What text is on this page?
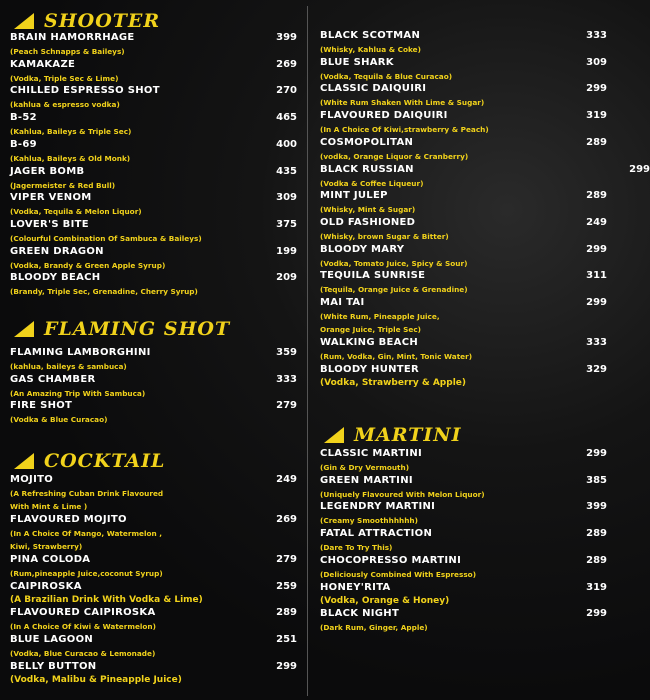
SHOOTER
BRAIN HAMORRHAGE	399
(Peach Schnapps & Baileys)
KAMAKAZE	269
(Vodka, Triple Sec & Lime)
CHILLED ESPRESSO SHOT	270
(kahlua & espresso vodka)
B-52	465
(Kahlua, Baileys & Triple Sec)
B-69	400
(Kahlua, Baileys & Old Monk)
JAGER BOMB	435
(Jagermeister & Red Bull)
VIPER VENOM	309
(Vodka, Tequila & Melon Liquor)
LOVER'S BITE	375
(Colourful Combination Of Sambuca & Baileys)
GREEN DRAGON	199
(Vodka, Brandy & Green Apple Syrup)
BLOODY BEACH	209
(Brandy, Triple Sec, Grenadine, Cherry Syrup)
FLAMING SHOT
FLAMING LAMBORGHINI	359
(kahlua, baileys & sambuca)
GAS CHAMBER	333
(An Amazing Trip With Sambuca)
FIRE SHOT	279
(Vodka & Blue Curacao)
COCKTAIL
MOJITO	249
(A Refreshing Cuban Drink Flavoured
With Mint & Lime )
FLAVOURED MOJITO	269
(In A Choice Of Mango, Watermelon ,
Kiwi, Strawberry)
PINA COLODA	279
(Rum,pineapple Juice,coconut Syrup)
CAIPIROSKA	259
(A Brazilian Drink With Vodka & Lime)
FLAVOURED CAIPIROSKA	289
(In A Choice Of Kiwi & Watermelon)
BLUE LAGOON	251
(Vodka, Blue Curacao & Lemonade)
BELLY BUTTON	299
(Vodka, Malibu & Pineapple Juice)
BLACK SCOTMAN	333
(Whisky, Kahlua & Coke)
BLUE SHARK	309
(Vodka, Tequila & Blue Curacao)
CLASSIC DAIQUIRI	299
(White Rum Shaken With Lime & Sugar)
FLAVOURED DAIQUIRI	319
(In A Choice Of Kiwi,strawberry & Peach)
COSMOPOLITAN	289
(vodka, Orange Liquor & Cranberry)
BLACK RUSSIAN	299
(Vodka & Coffee Liqueur)
MINT JULEP	289
(Whisky, Mint & Sugar)
OLD FASHIONED	249
(Whisky, brown Sugar & Bitter)
BLOODY MARY	299
(Vodka, Tomato Juice, Spicy & Sour)
TEQUILA SUNRISE	311
(Tequila, Orange Juice & Grenadine)
MAI TAI	299
(White Rum, Pineapple Juice,
Orange Juice, Triple Sec)
WALKING BEACH	333
(Rum, Vodka, Gin, Mint, Tonic Water)
BLOODY HUNTER	329
(Vodka, Strawberry & Apple)
MARTINI
CLASSIC MARTINI	299
(Gin & Dry Vermouth)
GREEN MARTINI	385
(Uniquely Flavoured With Melon Liquor)
LEGENDRY MARTINI	399
(Creamy Smoothhhhhh)
FATAL ATTRACTION	289
(Dare To Try This)
CHOCOPRESSO MARTINI	289
(Deliciously Combined With Espresso)
HONEY'RITA	319
(Vodka, Orange & Honey)
BLACK NIGHT	299
(Dark Rum, Ginger, Apple)
